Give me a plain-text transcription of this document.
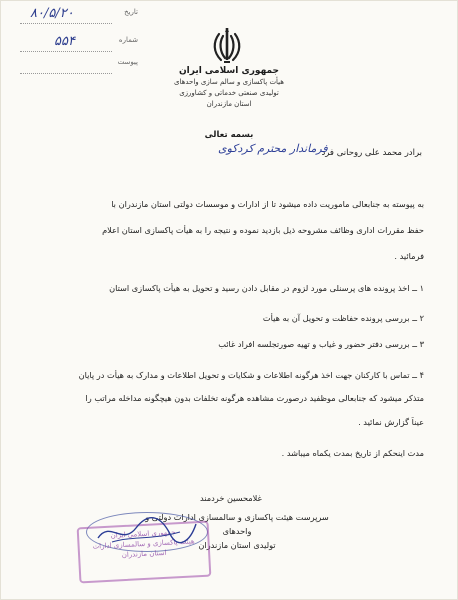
۸۰/۵/۲۰	تاریخ
۵۵۴	شماره
پیوست
جمهوری اسلامی ایران
هیأت پاکسازی و سالم سازی واحدهای
تولیدی صنعتی خدماتی و کشاورزی
استان مازندران
بسمه تعالی
برادر محمد علی روحانی فرد
فرماندار محترم کردکوی
به پیوسته به جنابعالی ماموریت داده میشود تا از ادارات و موسسات دولتی استان مازندران با
حفظ مقررات اداری وظائف مشروحه ذیل بازدید نموده و نتیجه را به هیأت پاکسازی استان اعلام
فرمائید .
۱ ــ اخذ پرونده های پرسنلی مورد لزوم در مقابل دادن رسید و تحویل به هیأت پاکسازی استان
۲ ــ بررسی پرونده حفاظت و تحویل آن به هیأت
۳ ــ بررسی دفتر حضور و غیاب و تهیه صورتجلسه افراد غائب
۴ ــ تماس با کارکنان جهت اخذ هرگونه اطلاعات و شکایات و تحویل اطلاعات و مدارک به هیأت در پایان
متذکر میشود که جنابعالی موظفید درصورت مشاهده هرگونه تخلفات بدون هیچگونه مداخله مراتب را
عیناً گزارش نمائید .
مدت اینحکم از تاریخ بمدت یکماه میباشد .
غلامحسین خردمند
سرپرست هیئت پاکسازی و سالمسازی ادارات دولتی و واحدهای
تولیدی استان مازندران
جمهوری اسلامی ایران
هیئت پاکسازی و سالمسازی ادارات
استان مازندران
